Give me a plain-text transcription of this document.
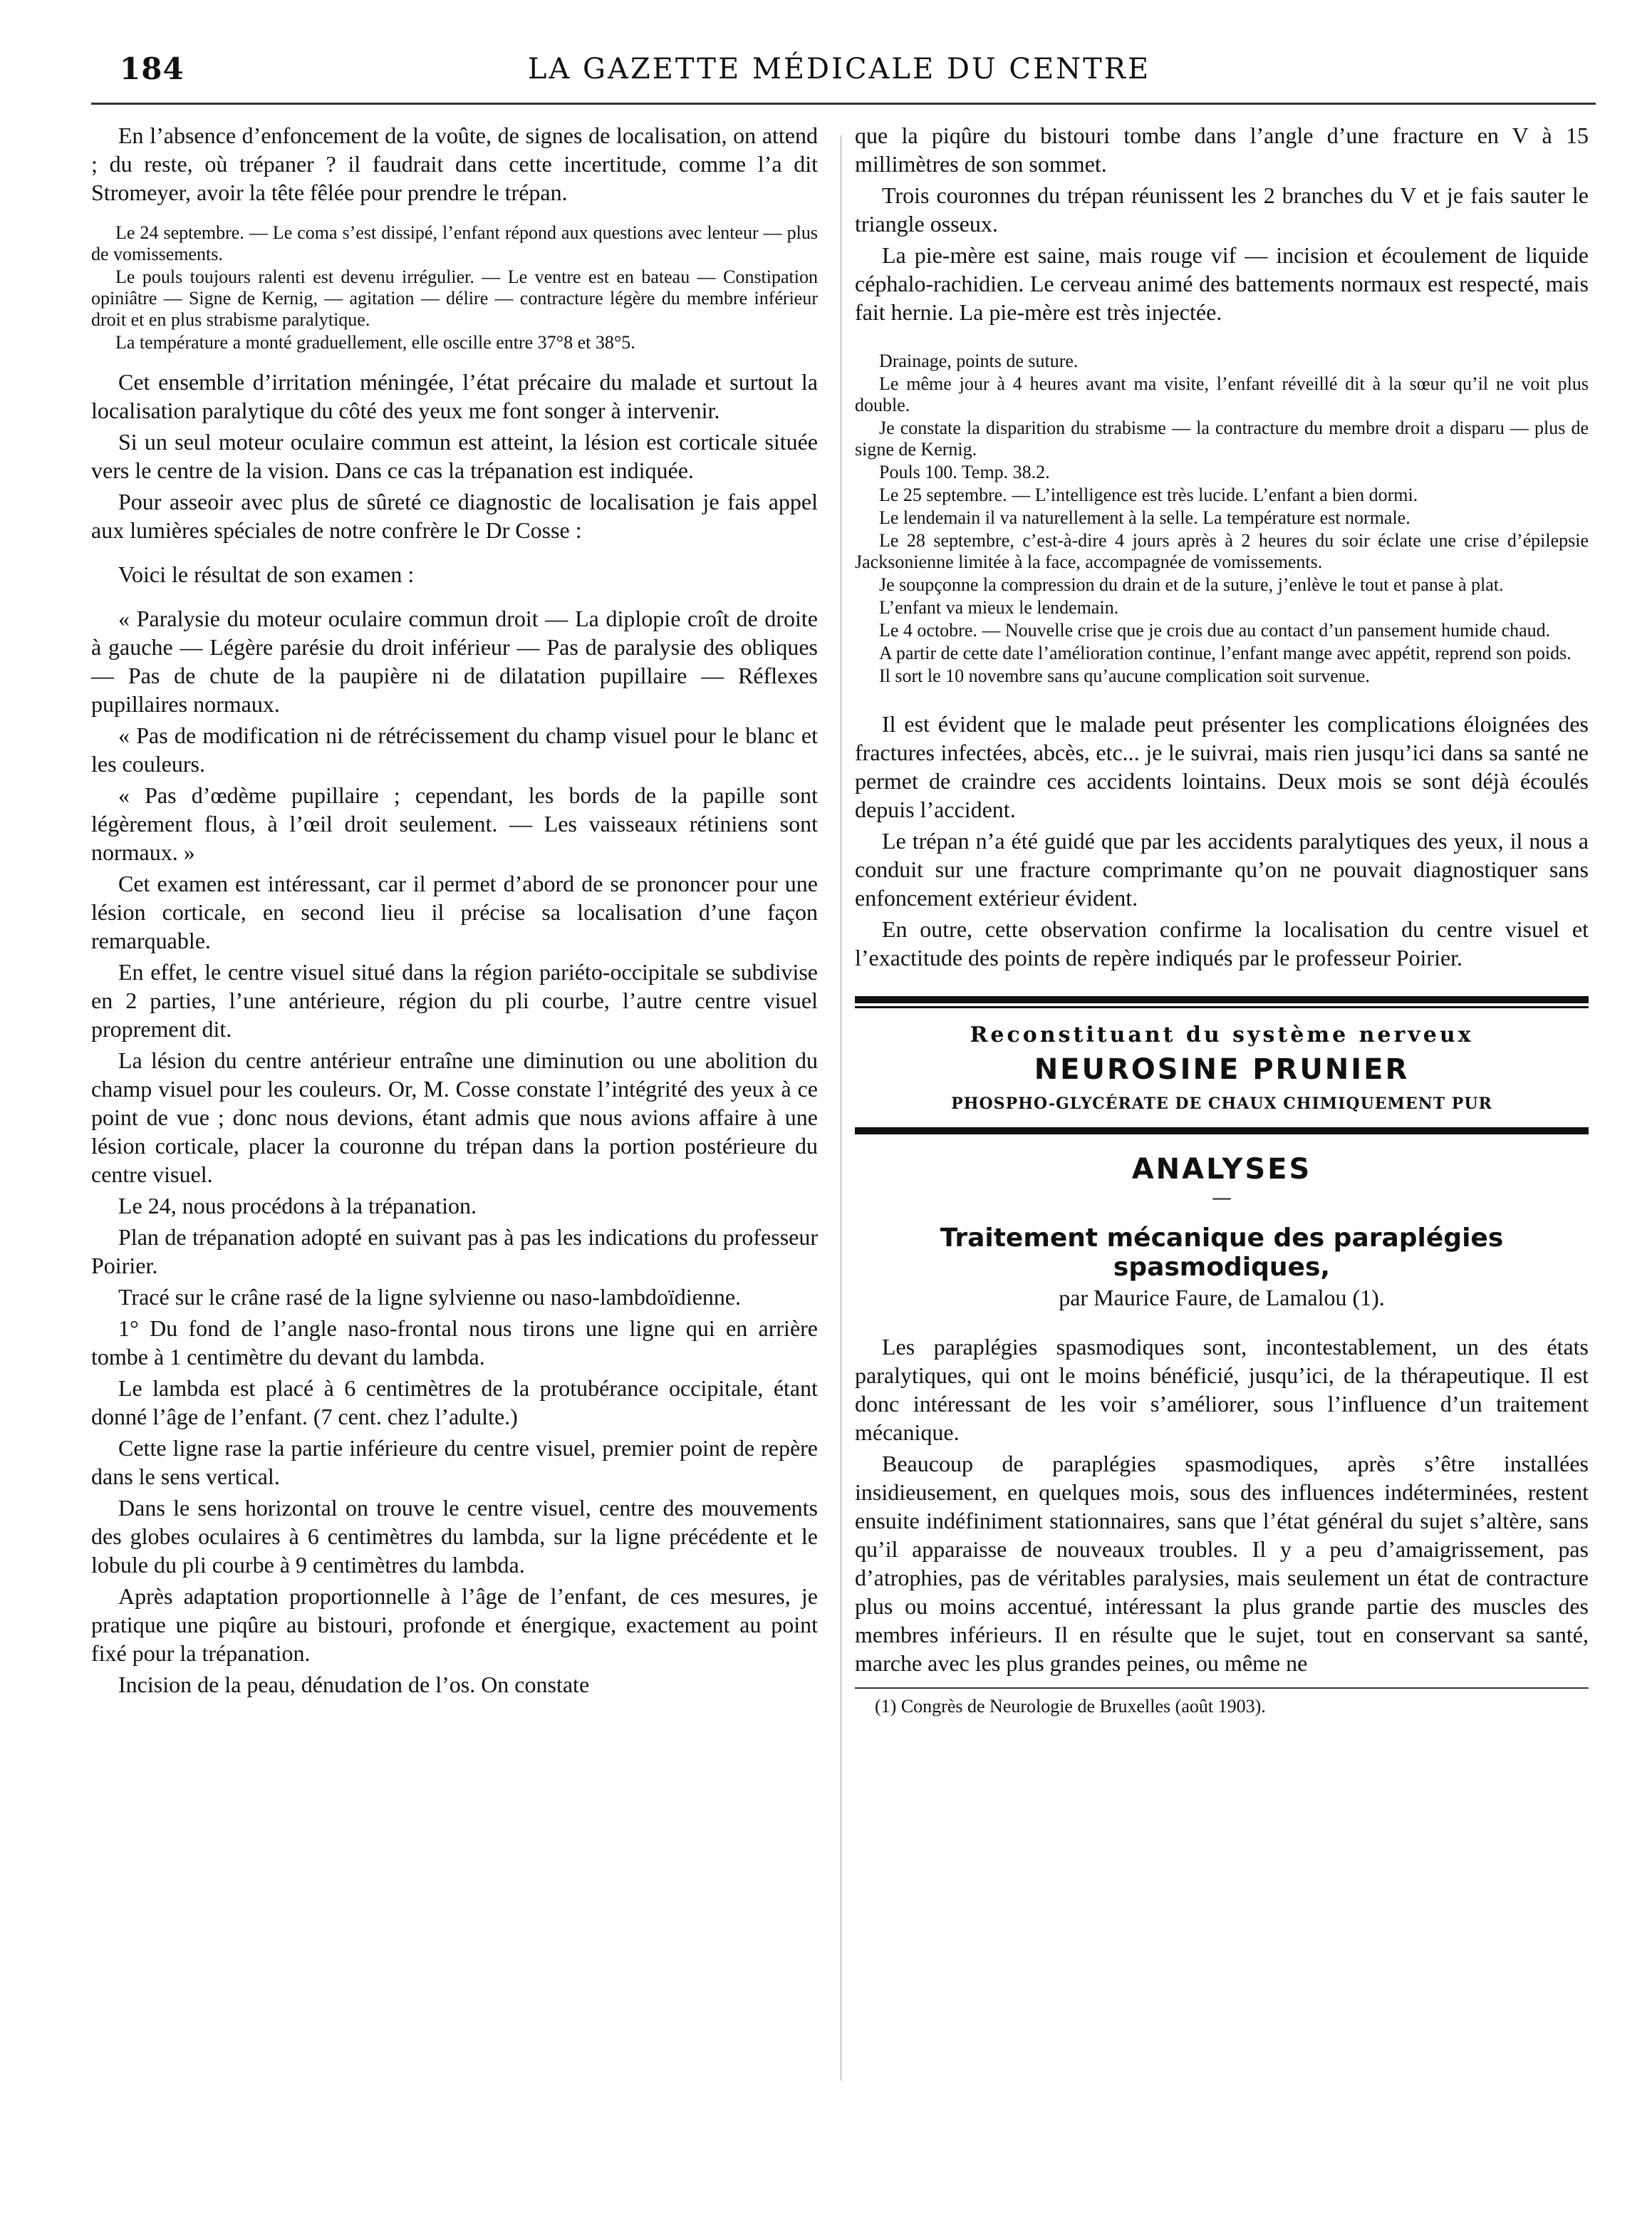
184	LA GAZETTE MÉDICALE DU CENTRE

En l’absence d’enfoncement de la voûte, de signes de localisation, on attend ; du reste, où trépaner ? il faudrait dans cette incertitude, comme l’a dit Stromeyer, avoir la tête fêlée pour prendre le trépan.

Le 24 septembre. — Le coma s’est dissipé, l’enfant répond aux questions avec lenteur — plus de vomissements.

Le pouls toujours ralenti est devenu irrégulier. — Le ventre est en bateau — Constipation opiniâtre — Signe de Kernig, — agitation — délire — contracture légère du membre inférieur droit et en plus strabisme paralytique.

La température a monté graduellement, elle oscille entre 37°8 et 38°5.

Cet ensemble d’irritation méningée, l’état précaire du malade et surtout la localisation paralytique du côté des yeux me font songer à intervenir.

Si un seul moteur oculaire commun est atteint, la lésion est corticale située vers le centre de la vision. Dans ce cas la trépanation est indiquée.

Pour asseoir avec plus de sûreté ce diagnostic de localisation je fais appel aux lumières spéciales de notre confrère le Dr Cosse :

Voici le résultat de son examen :

« Paralysie du moteur oculaire commun droit — La diplopie croît de droite à gauche — Légère parésie du droit inférieur — Pas de paralysie des obliques — Pas de chute de la paupière ni de dilatation pupillaire — Réflexes pupillaires normaux.

« Pas de modification ni de rétrécissement du champ visuel pour le blanc et les couleurs.

« Pas d’œdème pupillaire ; cependant, les bords de la papille sont légèrement flous, à l’œil droit seulement. — Les vaisseaux rétiniens sont normaux. »

Cet examen est intéressant, car il permet d’abord de se prononcer pour une lésion corticale, en second lieu il précise sa localisation d’une façon remarquable.

En effet, le centre visuel situé dans la région pariéto-occipitale se subdivise en 2 parties, l’une antérieure, région du pli courbe, l’autre centre visuel proprement dit.

La lésion du centre antérieur entraîne une diminution ou une abolition du champ visuel pour les couleurs. Or, M. Cosse constate l’intégrité des yeux à ce point de vue ; donc nous devions, étant admis que nous avions affaire à une lésion corticale, placer la couronne du trépan dans la portion postérieure du centre visuel.

Le 24, nous procédons à la trépanation.

Plan de trépanation adopté en suivant pas à pas les indications du professeur Poirier.

Tracé sur le crâne rasé de la ligne sylvienne ou naso-lambdoïdienne.

1° Du fond de l’angle naso-frontal nous tirons une ligne qui en arrière tombe à 1 centimètre du devant du lambda.

Le lambda est placé à 6 centimètres de la protubérance occipitale, étant donné l’âge de l’enfant. (7 cent. chez l’adulte.)

Cette ligne rase la partie inférieure du centre visuel, premier point de repère dans le sens vertical.

Dans le sens horizontal on trouve le centre visuel, centre des mouvements des globes oculaires à 6 centimètres du lambda, sur la ligne précédente et le lobule du pli courbe à 9 centimètres du lambda.

Après adaptation proportionnelle à l’âge de l’enfant, de ces mesures, je pratique une piqûre au bistouri, profonde et énergique, exactement au point fixé pour la trépanation.

Incision de la peau, dénudation de l’os. On constate

que la piqûre du bistouri tombe dans l’angle d’une fracture en V à 15 millimètres de son sommet.

Trois couronnes du trépan réunissent les 2 branches du V et je fais sauter le triangle osseux.

La pie-mère est saine, mais rouge vif — incision et écoulement de liquide céphalo-rachidien. Le cerveau animé des battements normaux est respecté, mais fait hernie. La pie-mère est très injectée.

Drainage, points de suture.

Le même jour à 4 heures avant ma visite, l’enfant réveillé dit à la sœur qu’il ne voit plus double.

Je constate la disparition du strabisme — la contracture du membre droit a disparu — plus de signe de Kernig.

Pouls 100. Temp. 38.2.

Le 25 septembre. — L’intelligence est très lucide. L’enfant a bien dormi.

Le lendemain il va naturellement à la selle. La température est normale.

Le 28 septembre, c’est-à-dire 4 jours après à 2 heures du soir éclate une crise d’épilepsie Jacksonienne limitée à la face, accompagnée de vomissements.

Je soupçonne la compression du drain et de la suture, j’enlève le tout et panse à plat.

L’enfant va mieux le lendemain.

Le 4 octobre. — Nouvelle crise que je crois due au contact d’un pansement humide chaud.

A partir de cette date l’amélioration continue, l’enfant mange avec appétit, reprend son poids.

Il sort le 10 novembre sans qu’aucune complication soit survenue.

Il est évident que le malade peut présenter les complications éloignées des fractures infectées, abcès, etc... je le suivrai, mais rien jusqu’ici dans sa santé ne permet de craindre ces accidents lointains. Deux mois se sont déjà écoulés depuis l’accident.

Le trépan n’a été guidé que par les accidents paralytiques des yeux, il nous a conduit sur une fracture comprimante qu’on ne pouvait diagnostiquer sans enfoncement extérieur évident.

En outre, cette observation confirme la localisation du centre visuel et l’exactitude des points de repère indiqués par le professeur Poirier.

Reconstituant du système nerveux
NEUROSINE PRUNIER
PHOSPHO-GLYCÉRATE DE CHAUX CHIMIQUEMENT PUR
ANALYSES
—
Traitement mécanique des paraplégies spasmodiques,
par Maurice Faure, de Lamalou (1).

Les paraplégies spasmodiques sont, incontestablement, un des états paralytiques, qui ont le moins bénéficié, jusqu’ici, de la thérapeutique. Il est donc intéressant de les voir s’améliorer, sous l’influence d’un traitement mécanique.

Beaucoup de paraplégies spasmodiques, après s’être installées insidieusement, en quelques mois, sous des influences indéterminées, restent ensuite indéfiniment stationnaires, sans que l’état général du sujet s’altère, sans qu’il apparaisse de nouveaux troubles. Il y a peu d’amaigrissement, pas d’atrophies, pas de véritables paralysies, mais seulement un état de contracture plus ou moins accentué, intéressant la plus grande partie des muscles des membres inférieurs. Il en résulte que le sujet, tout en conservant sa santé, marche avec les plus grandes peines, ou même ne

(1) Congrès de Neurologie de Bruxelles (août 1903).
